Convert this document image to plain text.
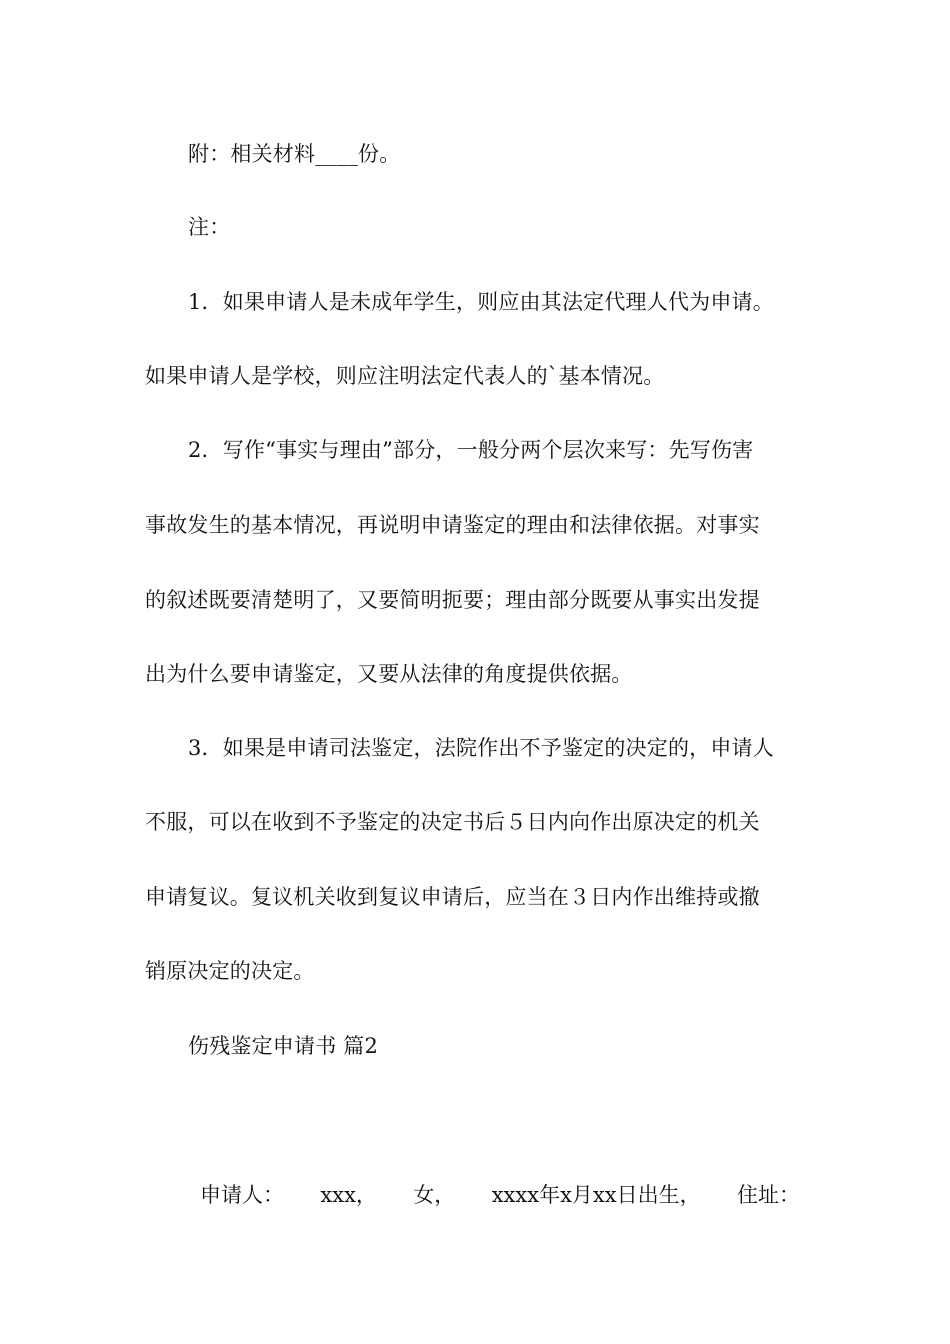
附：相关材料____份。
注：
1．如果申请人是未成年学生，则应由其法定代理人代为申请。
如果申请人是学校，则应注明法定代表人的`基本情况。
2．写作“事实与理由”部分，一般分两个层次来写：先写伤害
事故发生的基本情况，再说明申请鉴定的理由和法律依据。对事实
的叙述既要清楚明了，又要简明扼要；理由部分既要从事实出发提
出为什么要申请鉴定，又要从法律的角度提供依据。
3．如果是申请司法鉴定，法院作出不予鉴定的决定的，申请人
不服，可以在收到不予鉴定的决定书后５日内向作出原决定的机关
申请复议。复议机关收到复议申请后，应当在３日内作出维持或撤
销原决定的决定。
伤残鉴定申请书 篇2
申请人： xxx， 女， xxxx年x月xx日出生， 住址：
